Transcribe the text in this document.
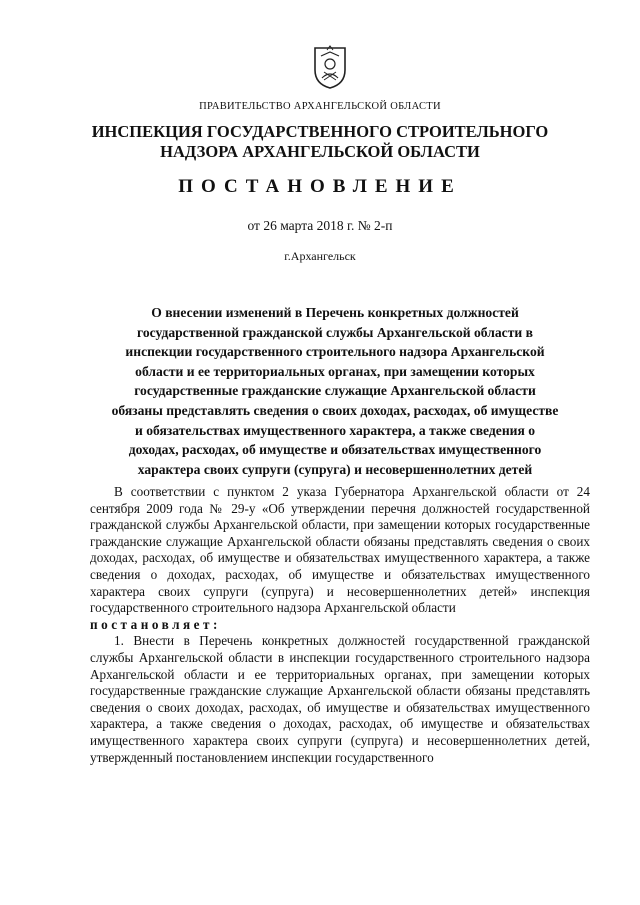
ПРАВИТЕЛЬСТВО АРХАНГЕЛЬСКОЙ ОБЛАСТИ
ИНСПЕКЦИЯ ГОСУДАРСТВЕННОГО СТРОИТЕЛЬНОГО
НАДЗОРА АРХАНГЕЛЬСКОЙ ОБЛАСТИ
ПОСТАНОВЛЕНИЕ
от 26 марта 2018 г. № 2-п
г.Архангельск
О внесении изменений в Перечень конкретных должностей
государственной гражданской службы Архангельской области в
инспекции государственного строительного надзора Архангельской
области и ее территориальных органах, при замещении которых
государственные гражданские служащие Архангельской области
обязаны представлять сведения о своих доходах, расходах, об имуществе
и обязательствах имущественного характера, а также сведения о
доходах, расходах, об имуществе и обязательствах имущественного
характера своих супруги (супруга) и несовершеннолетних детей

В соответствии с пунктом 2 указа Губернатора Архангельской области от 24 сентября 2009 года № 29-у «Об утверждении перечня должностей государственной гражданской службы Архангельской области, при замещении которых государственные гражданские служащие Архангельской области обязаны представлять сведения о своих доходах, расходах, об имуществе и обязательствах имущественного характера, а также сведения о доходах, расходах, об имуществе и обязательствах имущественного характера своих супруги (супруга) и несовершеннолетних детей» инспекция государственного строительного надзора Архангельской области

постановляет:

1. Внести в Перечень конкретных должностей государственной гражданской службы Архангельской области в инспекции государственного строительного надзора Архангельской области и ее территориальных органах, при замещении которых государственные гражданские служащие Архангельской области обязаны представлять сведения о своих доходах, расходах, об имуществе и обязательствах имущественного характера, а также сведения о доходах, расходах, об имуществе и обязательствах имущественного характера своих супруги (супруга) и несовершеннолетних детей, утвержденный постановлением инспекции государственного
